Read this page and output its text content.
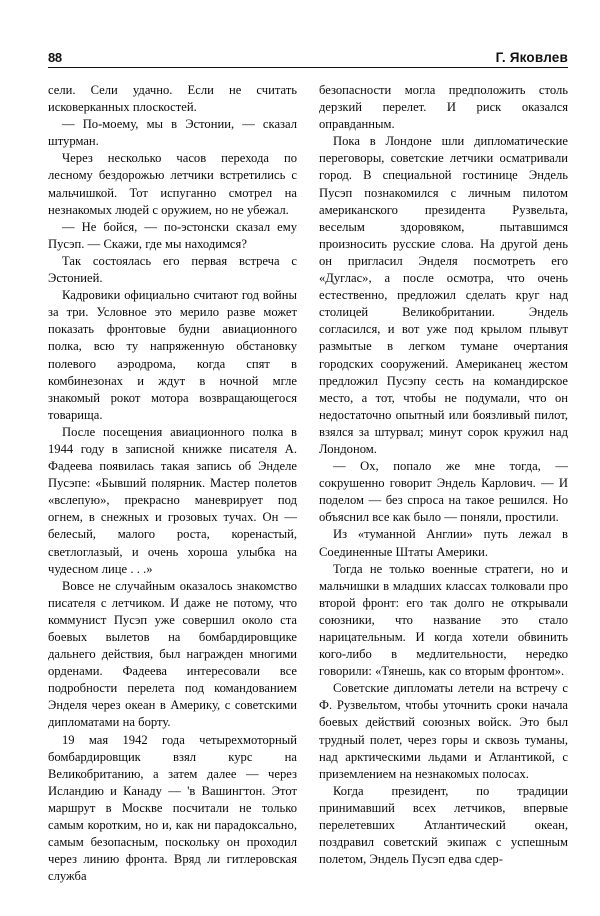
88	Г. Яковлев

сели. Сели удачно. Если не считать исковерканных плоскостей.

— По-моему, мы в Эстонии, — сказал штурман.

Через несколько часов перехода по лесному бездорожью летчики встретились с мальчишкой. Тот испуганно смотрел на незнакомых людей с оружием, но не убежал.

— Не бойся, — по-эстонски сказал ему Пусэп. — Скажи, где мы находимся?

Так состоялась его первая встреча с Эстонией.

Кадровики официально считают год войны за три. Условное это мерило разве может показать фронтовые будни авиационного полка, всю ту напряженную обстановку полевого аэродрома, когда спят в комбинезонах и ждут в ночной мгле знакомый рокот мотора возвращающегося товарища.

После посещения авиационного полка в 1944 году в записной книжке писателя А. Фадеева появилась такая запись об Энделе Пусэпе: «Бывший полярник. Мастер полетов «вслепую», прекрасно маневрирует под огнем, в снежных и грозовых тучах. Он — белесый, малого роста, коренастый, светлоглазый, и очень хороша улыбка на чудесном лице . . .»

Вовсе не случайным оказалось знакомство писателя с летчиком. И даже не потому, что коммунист Пусэп уже совершил около ста боевых вылетов на бомбардировщике дальнего действия, был награжден многими орденами. Фадеева интересовали все подробности перелета под командованием Энделя через океан в Америку, с советскими дипломатами на борту.

19 мая 1942 года четырехмоторный бомбардировщик взял курс на Великобританию, а затем далее — через Исландию и Канаду — 'в Вашингтон. Этот маршрут в Москве посчитали не только самым коротким, но и, как ни парадоксально, самым безопасным, поскольку он проходил через линию фронта. Вряд ли гитлеровская служба

безопасности могла предположить столь дерзкий перелет. И риск оказался оправданным.

Пока в Лондоне шли дипломатические переговоры, советские летчики осматривали город. В специальной гостинице Эндель Пусэп познакомился с личным пилотом американского президента Рузвельта, веселым здоровяком, пытавшимся произносить русские слова. На другой день он пригласил Энделя посмотреть его «Дуглас», а после осмотра, что очень естественно, предложил сделать круг над столицей Великобритании. Эндель согласился, и вот уже под крылом плывут размытые в легком тумане очертания городских сооружений. Американец жестом предложил Пусэпу сесть на командирское место, а тот, чтобы не подумали, что он недостаточно опытный или боязливый пилот, взялся за штурвал; минут сорок кружил над Лондоном.

— Ох, попало же мне тогда, — сокрушенно говорит Эндель Карлович. — И поделом — без спроса на такое решился. Но объяснил все как было — поняли, простили.

Из «туманной Англии» путь лежал в Соединенные Штаты Америки.

Тогда не только военные стратеги, но и мальчишки в младших классах толковали про второй фронт: его так долго не открывали союзники, что название это стало нарицательным. И когда хотели обвинить кого-либо в медлительности, нередко говорили: «Тянешь, как со вторым фронтом».

Советские дипломаты летели на встречу с Ф. Рузвельтом, чтобы уточнить сроки начала боевых действий союзных войск. Это был трудный полет, через горы и сквозь туманы, над арктическими льдами и Атлантикой, с приземлением на незнакомых полосах.

Когда президент, по традиции принимавший всех летчиков, впервые перелетевших Атлантический океан, поздравил советский экипаж с успешным полетом, Эндель Пусэп едва сдер-
